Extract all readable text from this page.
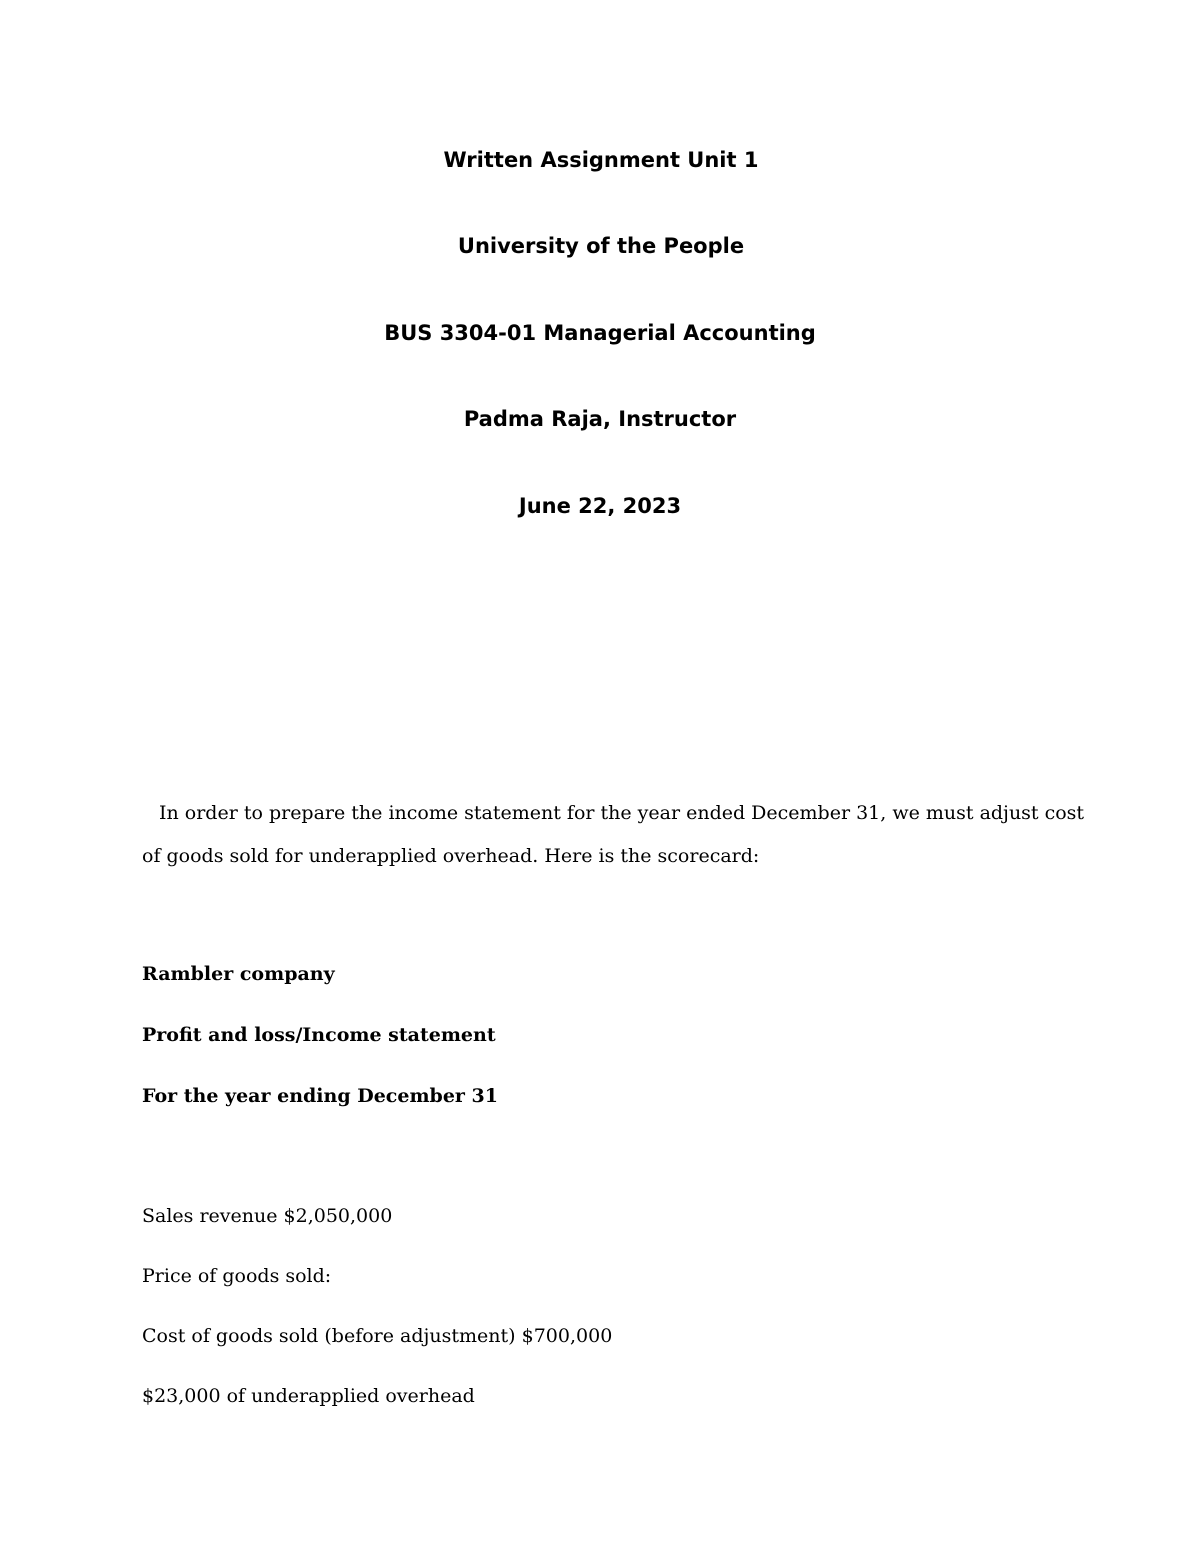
Written Assignment Unit 1
University of the People
BUS 3304-01 Managerial Accounting
Padma Raja, Instructor
June 22, 2023
In order to prepare the income statement for the year ended December 31, we must adjust cost
of goods sold for underapplied overhead. Here is the scorecard:
Rambler company
Profit and loss/Income statement
For the year ending December 31
Sales revenue $2,050,000
Price of goods sold:
Cost of goods sold (before adjustment) $700,000
$23,000 of underapplied overhead
